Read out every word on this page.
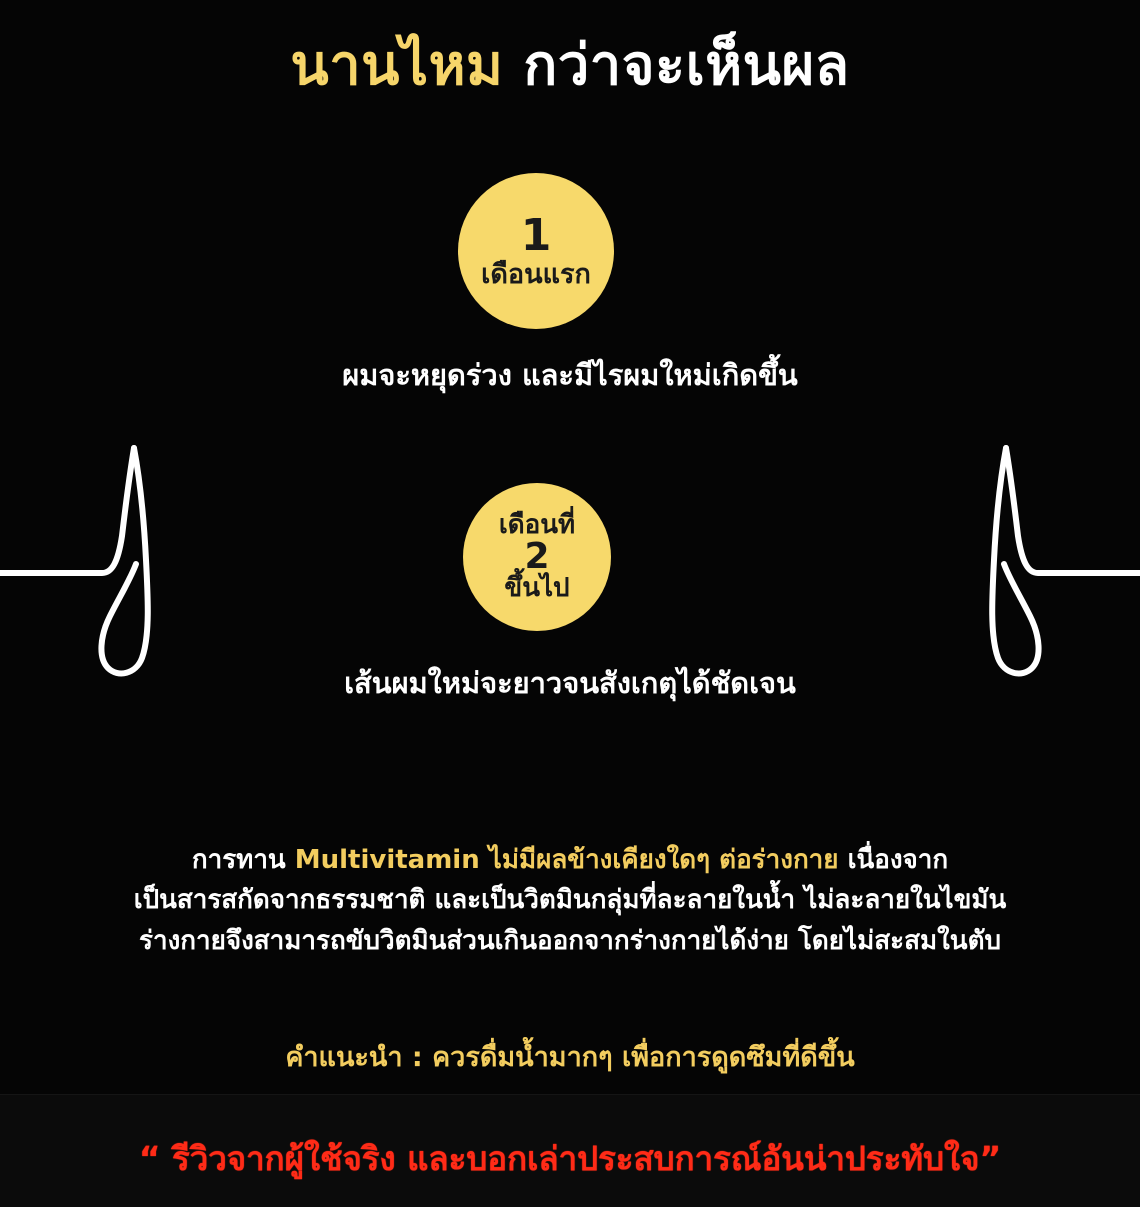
นานไหม กว่าจะเห็นผล
1
เดือนแรก
ผมจะหยุดร่วง และมีไรผมใหม่เกิดขึ้น
เดือนที่
2
ขึ้นไป
เส้นผมใหม่จะยาวจนสังเกตุได้ชัดเจน
การทาน Multivitamin ไม่มีผลข้างเคียงใดๆ ต่อร่างกาย เนื่องจาก
เป็นสารสกัดจากธรรมชาติ และเป็นวิตมินกลุ่มที่ละลายในน้ำ ไม่ละลายในไขมัน
ร่างกายจึงสามารถขับวิตมินส่วนเกินออกจากร่างกายได้ง่าย โดยไม่สะสมในตับ
คำแนะนำ : ควรดื่มน้ำมากๆ เพื่อการดูดซึมที่ดีขึ้น
“ รีวิวจากผู้ใช้จริง และบอกเล่าประสบการณ์อันน่าประทับใจ”
